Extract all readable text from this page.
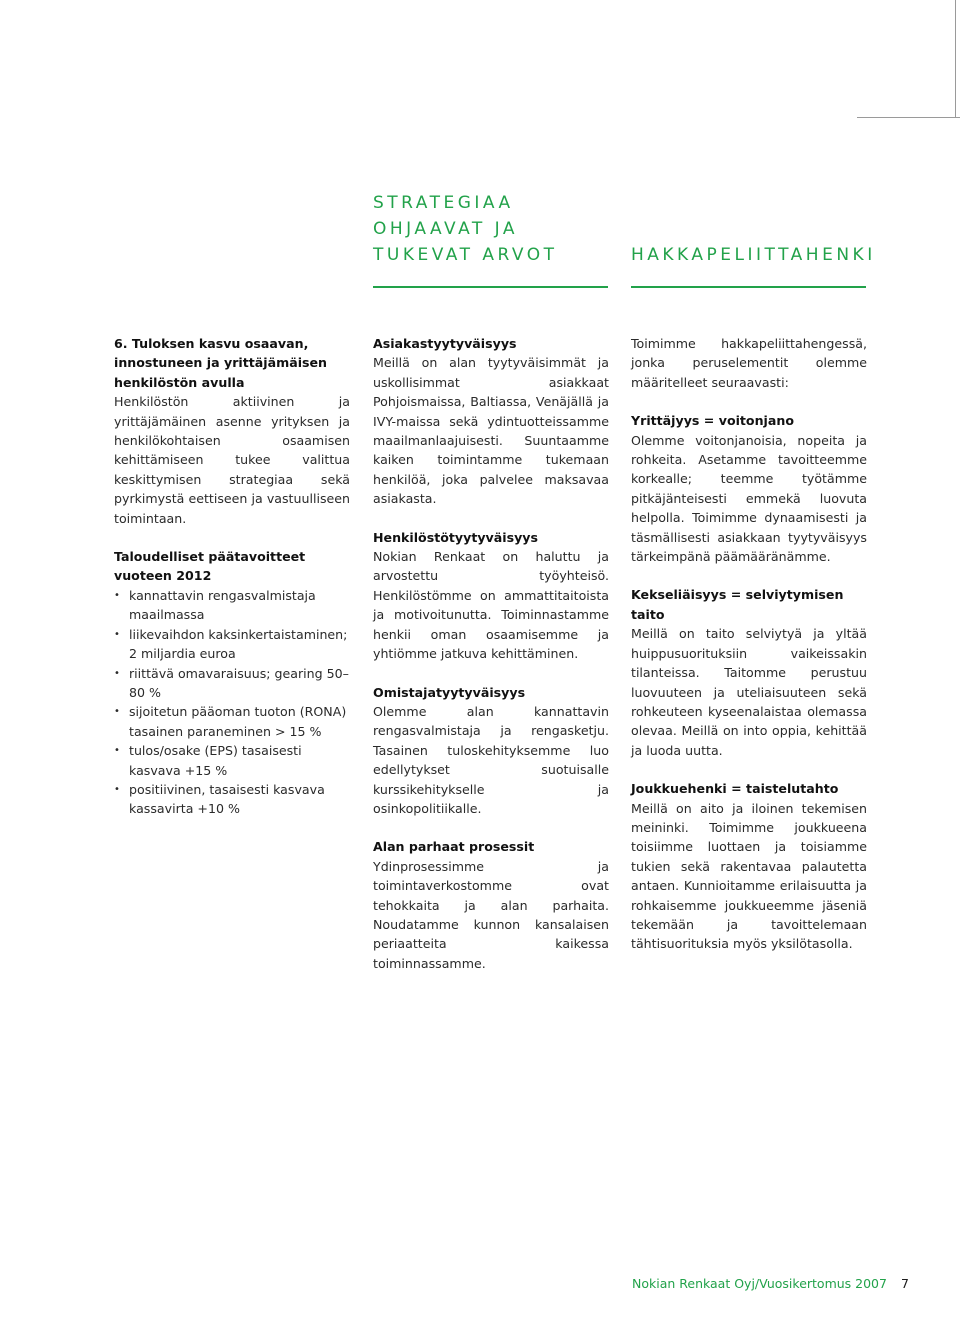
STRATEGIAA
OHJAAVAT JA
TUKEVAT ARVOT	HAKKAPELIITTAHENKI

6. Tuloksen kasvu osaavan, innostuneen ja yrittäjämäisen henkilöstön avulla

Henkilöstön aktiivinen ja yrittäjämäinen asenne yrityksen ja henkilökohtaisen osaamisen kehittämiseen tukee valittua keskittymisen strategiaa sekä pyrkimystä eettiseen ja vastuulliseen toimintaan.

Taloudelliset päätavoitteet vuoteen 2012

• kannattavin rengasvalmistaja maailmassa
• liikevaihdon kaksinkertaistaminen; 2 miljardia euroa
• riittävä omavaraisuus; gearing 50–80 %
• sijoitetun pääoman tuoton (RONA) tasainen paraneminen > 15 %
• tulos/osake (EPS) tasaisesti kasvava +15 %
• positiivinen, tasaisesti kasvava kassavirta +10 %

Asiakastyytyväisyys

Meillä on alan tyytyväisimmät ja uskollisimmat asiakkaat Pohjoismaissa, Baltiassa, Venäjällä ja IVY-maissa sekä ydintuotteissamme maailmanlaajuisesti. Suuntaamme kaiken toimintamme tukemaan henkilöä, joka palvelee maksavaa asiakasta.

Henkilöstötyytyväisyys

Nokian Renkaat on haluttu ja arvostettu työyhteisö. Henkilöstömme on ammattitaitoista ja motivoitunutta. Toiminnastamme henkii oman osaamisemme ja yhtiömme jatkuva kehittäminen.

Omistajatyytyväisyys

Olemme alan kannattavin rengasvalmistaja ja rengasketju. Tasainen tuloskehityksemme luo edellytykset suotuisalle kurssikehitykselle ja osinkopolitiikalle.

Alan parhaat prosessit

Ydinprosessimme ja toimintaverkostomme ovat tehokkaita ja alan parhaita. Noudatamme kunnon kansalaisen periaatteita kaikessa toiminnassamme.

Toimimme hakkapeliittahengessä, jonka peruselementit olemme määritelleet seuraavasti:

Yrittäjyys = voitonjano

Olemme voitonjanoisia, nopeita ja rohkeita. Asetamme tavoitteemme korkealle; teemme työtämme pitkäjänteisesti emmekä luovuta helpolla. Toimimme dynaamisesti ja täsmällisesti asiakkaan tyytyväisyys tärkeimpänä päämääränämme.

Kekseliäisyys = selviytymisen taito

Meillä on taito selviytyä ja yltää huippusuorituksiin vaikeissakin tilanteissa. Taitomme perustuu luovuuteen ja uteliaisuuteen sekä rohkeuteen kyseenalaistaa olemassa olevaa. Meillä on into oppia, kehittää ja luoda uutta.

Joukkuehenki = taistelutahto

Meillä on aito ja iloinen tekemisen meininki. Toimimme joukkueena toisiimme luottaen ja toisiamme tukien sekä rakentavaa palautetta antaen. Kunnioitamme erilaisuutta ja rohkaisemme joukkueemme jäseniä tekemään ja tavoittelemaan tähtisuorituksia myös yksilötasolla.

Nokian Renkaat Oyj/Vuosikertomus 2007 7
